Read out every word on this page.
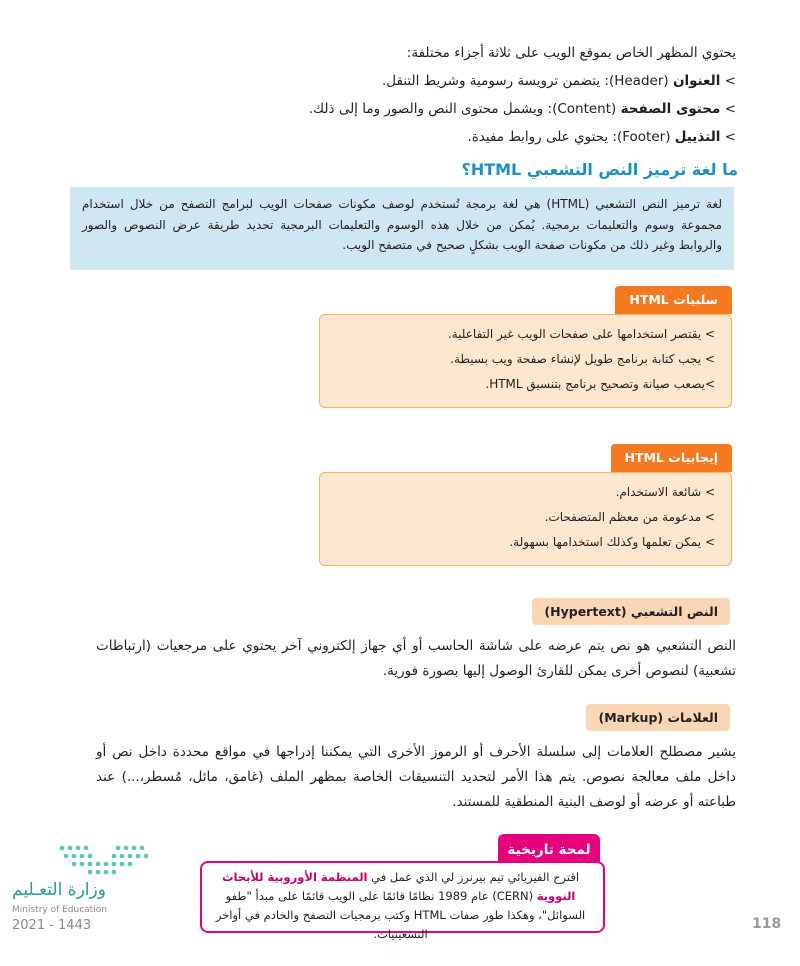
يحتوي المظهر الخاص بموقع الويب على ثلاثة أجزاء مختلفة:
> العنوان (Header): يتضمن ترويسة رسومية وشريط التنقل.
> محتوى الصفحة (Content): ويشمل محتوى النص والصور وما إلى ذلك.
> التذييل (Footer): يحتوي على روابط مفيدة.
ما لغة ترميز النص التشعبي HTML؟

لغة ترميز النص التشعبي (HTML) هي لغة برمجة تُستخدم لوصف مكونات صفحات الويب لبرامج التصفح من خلال استخدام مجموعة وسوم والتعليمات برمجية. يُمكن من خلال هذه الوسوم والتعليمات البرمجية تحديد طريقة عرض النصوص والصور والروابط وغير ذلك من مكونات صفحة الويب بشكلٍ صحيح في متصفح الويب.

سلبيات HTML
> يقتصر استخدامها على صفحات الويب غير التفاعلية.
> يجب كتابة برنامج طويل لإنشاء صفحة ويب بسيطة.
>يصعب صيانة وتصحيح برنامج بتنسيق HTML.
إيجابيات HTML
> شائعة الاستخدام.
> مدعومة من معظم المتصفحات.
> يمكن تعلمها وكذلك استخدامها بسهولة.
النص التشعبي (Hypertext)
النص التشعبي هو نص يتم عرضه على شاشة الحاسب أو أي جهاز إلكتروني آخر يحتوي على مرجعيات (ارتباطات تشعبية) لنصوص أخرى يمكن للقارئ الوصول إليها بصورة فورية.
العلامات (Markup)
يشير مصطلح العلامات إلى سلسلة الأحرف أو الرموز الأخرى التي يمكننا إدراجها في مواقع محددة داخل نص أو داخل ملف معالجة نصوص. يتم هذا الأمر لتحديد التنسيقات الخاصة بمظهر الملف (غامق، مائل، مُسطر،...) عند طباعته أو عرضه أو لوصف البنية المنطقية للمستند.
لمحة تاريخية

اقترح الفيزيائي تيم بيرنرز لي الذي عمل في المنظمة الأوروبية للأبحاث النووية (CERN) عام 1989 نظامًا قائمًا على الويب قائمًا على مبدأ "طفو السوائل"، وهكذا طور صفات HTML وكتب برمجيات التصفح والخادم في أواخر التسعينيات.

وزارة التعـليم
Ministry of Education
2021 - 1443	118
